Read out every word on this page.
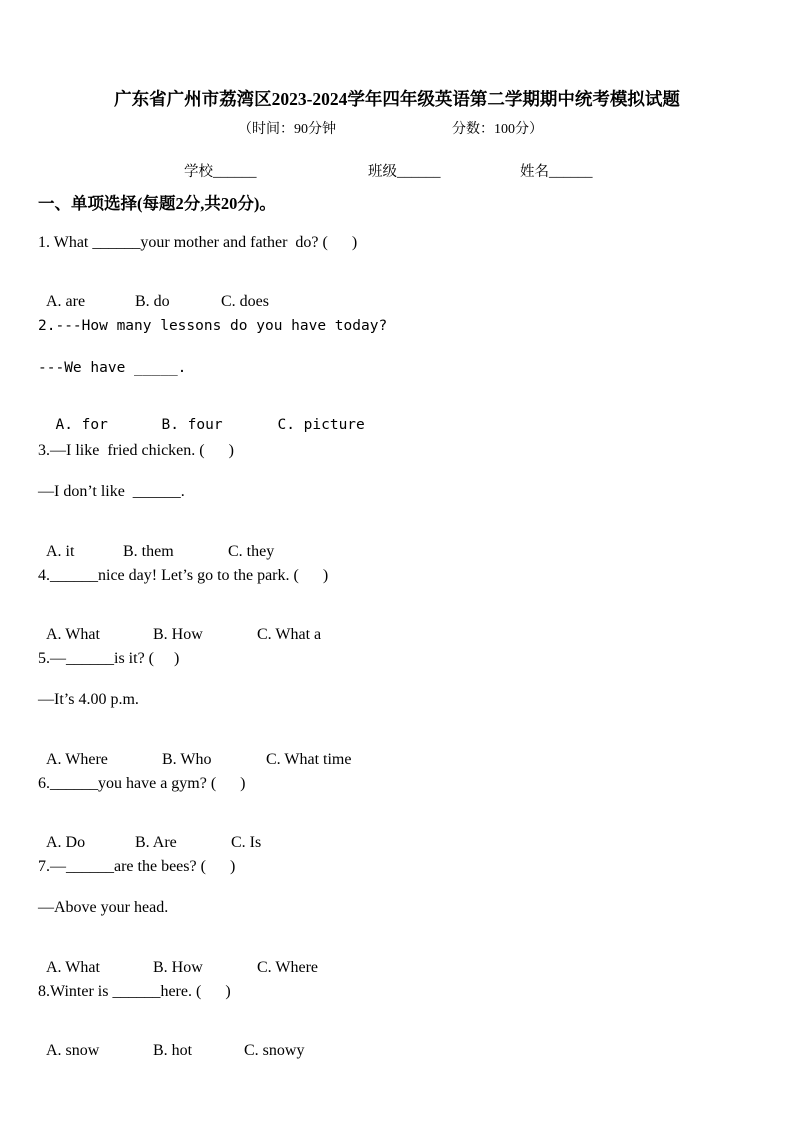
广东省广州市荔湾区2023-2024学年四年级英语第二学期期中统考模拟试题
（时间：90分钟	分数：100分）
学校______	班级______	姓名______
一、单项选择(每题2分,共20分)。
1. What ______your mother and father  do? (      )

A. are	B. do	C. does

2.---How many lessons do you have today?
---We have _____.

A. for	B. four	C. picture

3.—I like  fried chicken. (      )
—I don’t like  ______.

A. it	B. them	C. they

4.______nice day! Let’s go to the park. (      )

A. What	B. How	C. What a

5.—______is it? (     )
—It’s 4.00 p.m.

A. Where	B. Who	C. What time

6.______you have a gym? (      )

A. Do	B. Are	C. Is

7.—______are the bees? (      )
—Above your head.

A. What	B. How	C. Where

8.Winter is ______here. (      )

A. snow	B. hot	C. snowy
